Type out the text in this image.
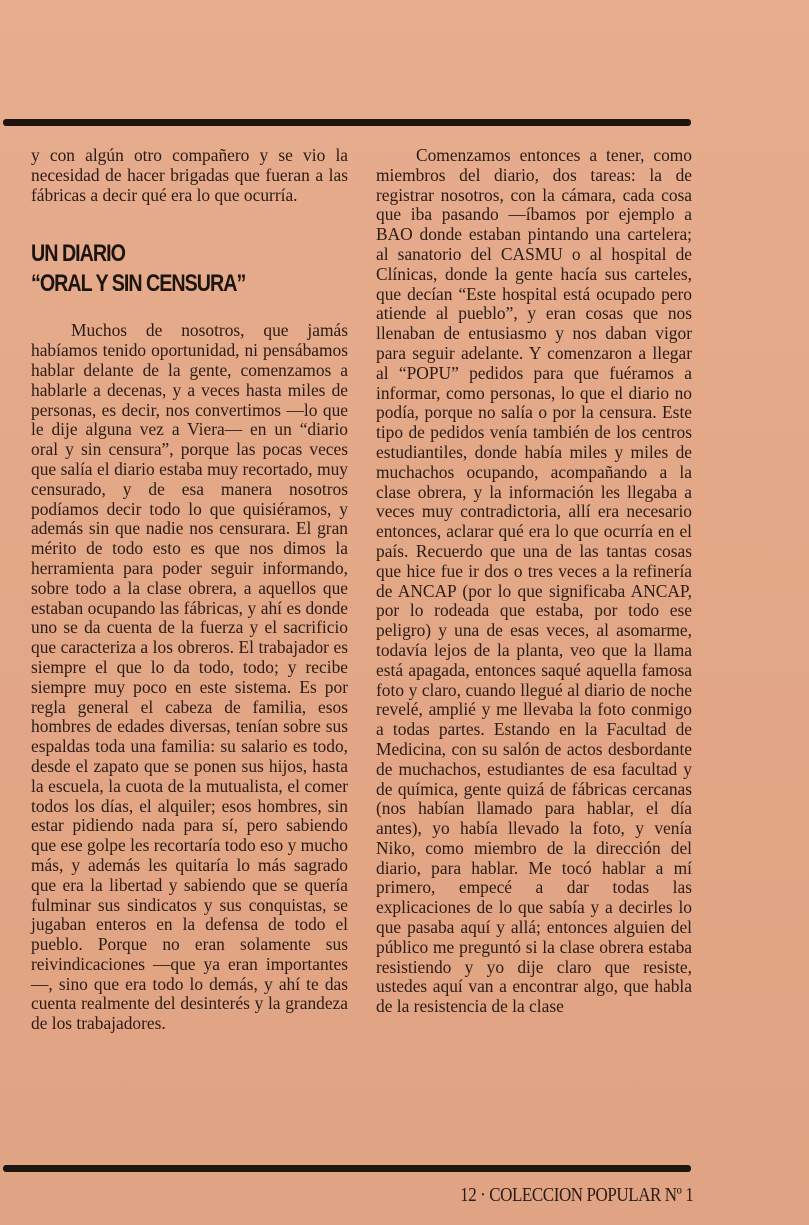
y con algún otro compañero y se vio la necesidad de hacer brigadas que fueran a las fábricas a decir qué era lo que ocurría.

UN DIARIO
“ORAL Y SIN CENSURA”

Muchos de nosotros, que jamás habíamos tenido oportunidad, ni pensábamos hablar delante de la gente, comenzamos a hablarle a decenas, y a veces hasta miles de personas, es decir, nos convertimos —lo que le dije alguna vez a Viera— en un “diario oral y sin censura”, porque las pocas veces que salía el diario estaba muy recortado, muy censurado, y de esa manera nosotros podíamos decir todo lo que quisiéramos, y además sin que nadie nos censurara. El gran mérito de todo esto es que nos dimos la herramienta para poder seguir informando, sobre todo a la clase obrera, a aquellos que estaban ocupando las fábricas, y ahí es donde uno se da cuenta de la fuerza y el sacrificio que caracteriza a los obreros. El trabajador es siempre el que lo da todo, todo; y recibe siempre muy poco en este sistema. Es por regla general el cabeza de familia, esos hombres de edades diversas, tenían sobre sus espaldas toda una familia: su salario es todo, desde el zapato que se ponen sus hijos, hasta la escuela, la cuota de la mutualista, el comer todos los días, el alquiler; esos hombres, sin estar pidiendo nada para sí, pero sabiendo que ese golpe les recortaría todo eso y mucho más, y además les quitaría lo más sagrado que era la libertad y sabiendo que se quería fulminar sus sindicatos y sus conquistas, se jugaban enteros en la defensa de todo el pueblo. Porque no eran solamente sus reivindicaciones —que ya eran importantes—, sino que era todo lo demás, y ahí te das cuenta realmente del desinterés y la grandeza de los trabajadores.

Comenzamos entonces a tener, como miembros del diario, dos tareas: la de registrar nosotros, con la cámara, cada cosa que iba pasando —íbamos por ejemplo a BAO donde estaban pintando una cartelera; al sanatorio del CASMU o al hospital de Clínicas, donde la gente hacía sus carteles, que decían “Este hospital está ocupado pero atiende al pueblo”, y eran cosas que nos llenaban de entusiasmo y nos daban vigor para seguir adelante. Y comenzaron a llegar al “POPU” pedidos para que fuéramos a informar, como personas, lo que el diario no podía, porque no salía o por la censura. Este tipo de pedidos venía también de los centros estudiantiles, donde había miles y miles de muchachos ocupando, acompañando a la clase obrera, y la información les llegaba a veces muy contradictoria, allí era necesario entonces, aclarar qué era lo que ocurría en el país. Recuerdo que una de las tantas cosas que hice fue ir dos o tres veces a la refinería de ANCAP (por lo que significaba ANCAP, por lo rodeada que estaba, por todo ese peligro) y una de esas veces, al asomarme, todavía lejos de la planta, veo que la llama está apagada, entonces saqué aquella famosa foto y claro, cuando llegué al diario de noche revelé, amplié y me llevaba la foto conmigo a todas partes. Estando en la Facultad de Medicina, con su salón de actos desbordante de muchachos, estudiantes de esa facultad y de química, gente quizá de fábricas cercanas (nos habían llamado para hablar, el día antes), yo había llevado la foto, y venía Niko, como miembro de la dirección del diario, para hablar. Me tocó hablar a mí primero, empecé a dar todas las explicaciones de lo que sabía y a decirles lo que pasaba aquí y allá; entonces alguien del público me preguntó si la clase obrera estaba resistiendo y yo dije claro que resiste, ustedes aquí van a encontrar algo, que habla de la resistencia de la clase

12 · COLECCION POPULAR Nº 1
